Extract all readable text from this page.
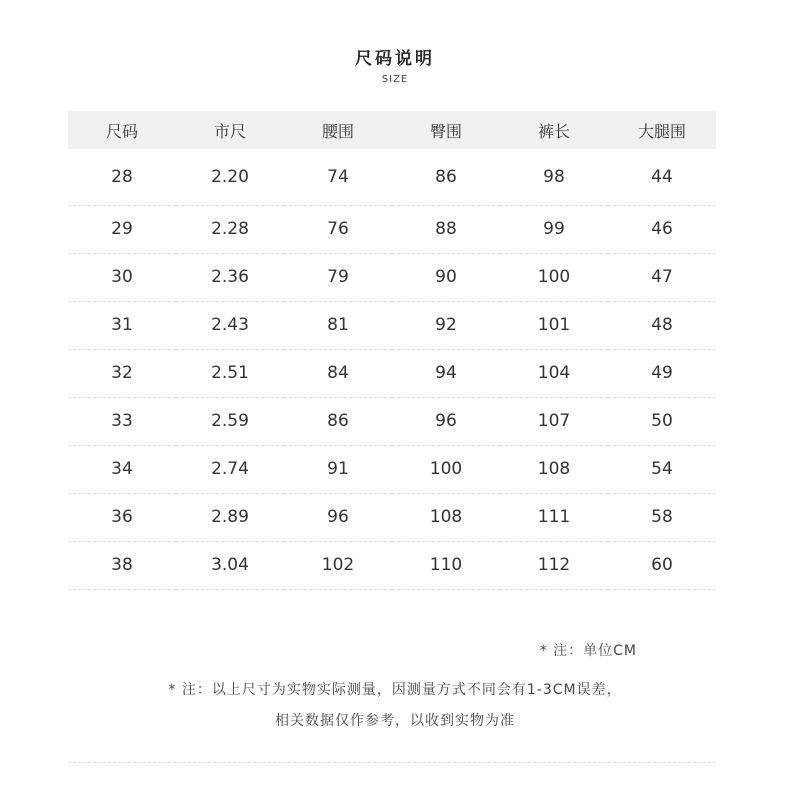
尺码说明
SIZE
尺码	市尺	腰围	臀围	裤长	大腿围
28	2.20	74	86	98	44
29	2.28	76	88	99	46
30	2.36	79	90	100	47
31	2.43	81	92	101	48
32	2.51	84	94	104	49
33	2.59	86	96	107	50
34	2.74	91	100	108	54
36	2.89	96	108	111	58
38	3.04	102	110	112	60
* 注：单位CM
* 注：以上尺寸为实物实际测量，因测量方式不同会有1-3CM误差，
相关数据仅作参考，以收到实物为准
